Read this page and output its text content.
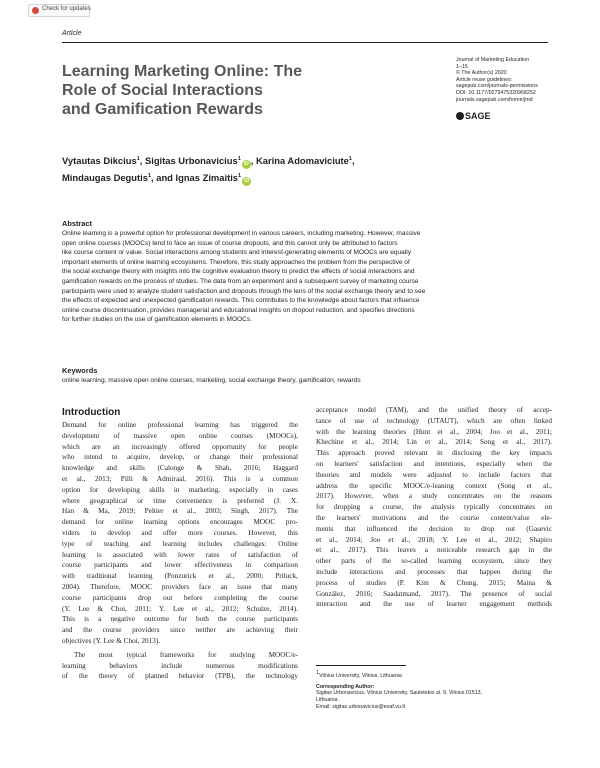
Check for updates
Article
Learning Marketing Online: The
Role of Social Interactions
and Gamification Rewards
Journal of Marketing Education
1–15
© The Author(s) 2020
Article reuse guidelines:
sagepub.com/journals-permissions
DOI: 10.1177/0273475320968252
journals.sagepub.com/home/jmd
SAGE
Vytautas Dikcius$^1$, Sigitas Urbonavicius$^1$iD , Karina Adomaviciute$^1$,
Mindaugas Degutis$^1$, and Ignas Zimaitis$^1$iD
Abstract
Online learning is a powerful option for professional development in various careers, including marketing. However, massive
open online courses (MOOCs) tend to face an issue of course dropouts, and this cannot only be attributed to factors
like course content or value. Social interactions among students and interest-generating elements of MOOCs are equally
important elements of online learning ecosystems. Therefore, this study approaches the problem from the perspective of
the social exchange theory with insights into the cognitive evaluation theory to predict the effects of social interactions and
gamification rewards on the process of studies. The data from an experiment and a subsequent survey of marketing course
participants were used to analyze student satisfaction and dropouts through the lens of the social exchange theory and to see
the effects of expected and unexpected gamification rewards. This contributes to the knowledge about factors that influence
online course discontinuation, provides managerial and educational insights on dropout reduction, and specifies directions
for further studies on the use of gamification elements in MOOCs.
Keywords
online learning, massive open online courses, marketing, social exchange theory, gamification, rewards
Introduction
Demand for online professional learning has triggered the
development of massive open online courses (MOOCs),
which are an increasingly offered opportunity for people
who intend to acquire, develop, or change their professional
knowledge and skills (Calonge & Shah, 2016; Haggard
et al., 2013; Pilli & Admiraal, 2016). This is a common
option for developing skills in marketing, especially in cases
where geographical or time convenience is preferred (J. X.
Han & Ma, 2019; Peltier et al., 2003; Singh, 2017). The
demand for online learning options encourages MOOC pro-
viders to develop and offer more courses. However, this
type of teaching and learning includes challenges: Online
learning is associated with lower rates of satisfaction of
course participants and lower effectiveness in comparison
with traditional learning (Ponzurick et al., 2000; Priluck,
2004). Therefore, MOOC providers face an issue that many
course participants drop out before completing the course
(Y. Lee & Choi, 2011; Y. Lee et al., 2012; Schulze, 2014).
This is a negative outcome for both the course participants
and the course providers since neither are achieving their
objectives (Y. Lee & Choi, 2013).
The most typical frameworks for studying MOOC/e-
learning behaviors include numerous modifications
of the theory of planned behavior (TPB), the technology
acceptance model (TAM), and the unified theory of accep-
tance of use of technology (UTAUT), which are often linked
with the learning theories (Hunt et al., 2004; Joo et al., 2011;
Khechine et al., 2014; Lin et al., 2014; Song et al., 2017).
This approach proved relevant in disclosing the key impacts
on learners' satisfaction and intentions, especially when the
theories and models were adjusted to include factors that
address the specific MOOC/e-leaning context (Song et al.,
2017). However, when a study concentrates on the reasons
for dropping a course, the analysis typically concentrates on
the learners' motivations and the course content/value ele-
ments that influenced the decision to drop out (Gasevic
et al., 2014; Joo et al., 2018; Y. Lee et al., 2012; Shapiro
et al., 2017). This leaves a noticeable research gap in the
other parts of the so-called learning ecosystem, since they
include interactions and processes that happen during the
process of studies (P. Kim & Chung, 2015; Maina &
González, 2016; Saadatmand, 2017). The presence of social
interaction and the use of learner engagement methods
$^1$Vilnius University, Vilnius, Lithuania
Corresponding Author:
Sigitas Urbonavicius, Vilnius University, Sauletekio al. 9, Vilnius 01513,
Lithuania.
Email: sigitas.urbonavicius@evaf.vu.lt
